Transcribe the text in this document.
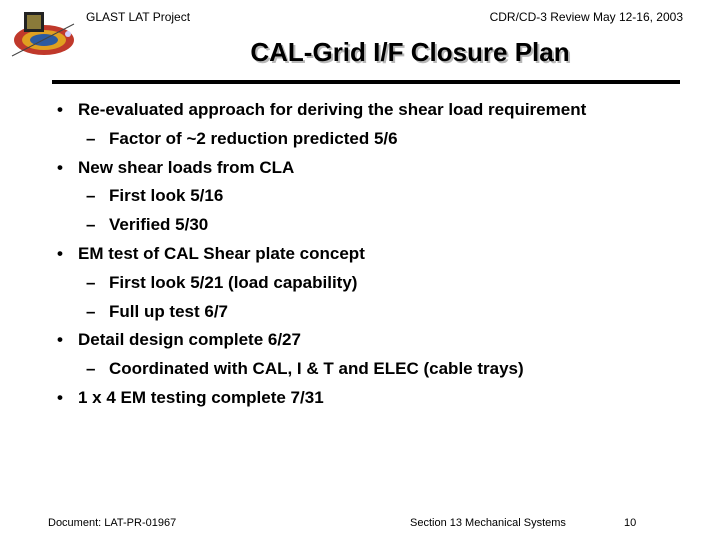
GLAST LAT Project	CDR/CD-3 Review May 12-16, 2003
CAL-Grid I/F Closure Plan
• Re-evaluated approach for deriving the shear load requirement
– Factor of ~2 reduction predicted 5/6
• New shear loads from CLA
– First look 5/16
– Verified 5/30
• EM test of CAL Shear plate concept
– First look 5/21 (load capability)
– Full up test 6/7
• Detail design complete 6/27
– Coordinated with CAL, I & T and ELEC (cable trays)
• 1 x 4 EM testing complete 7/31
Document: LAT-PR-01967	Section 13 Mechanical Systems	10
